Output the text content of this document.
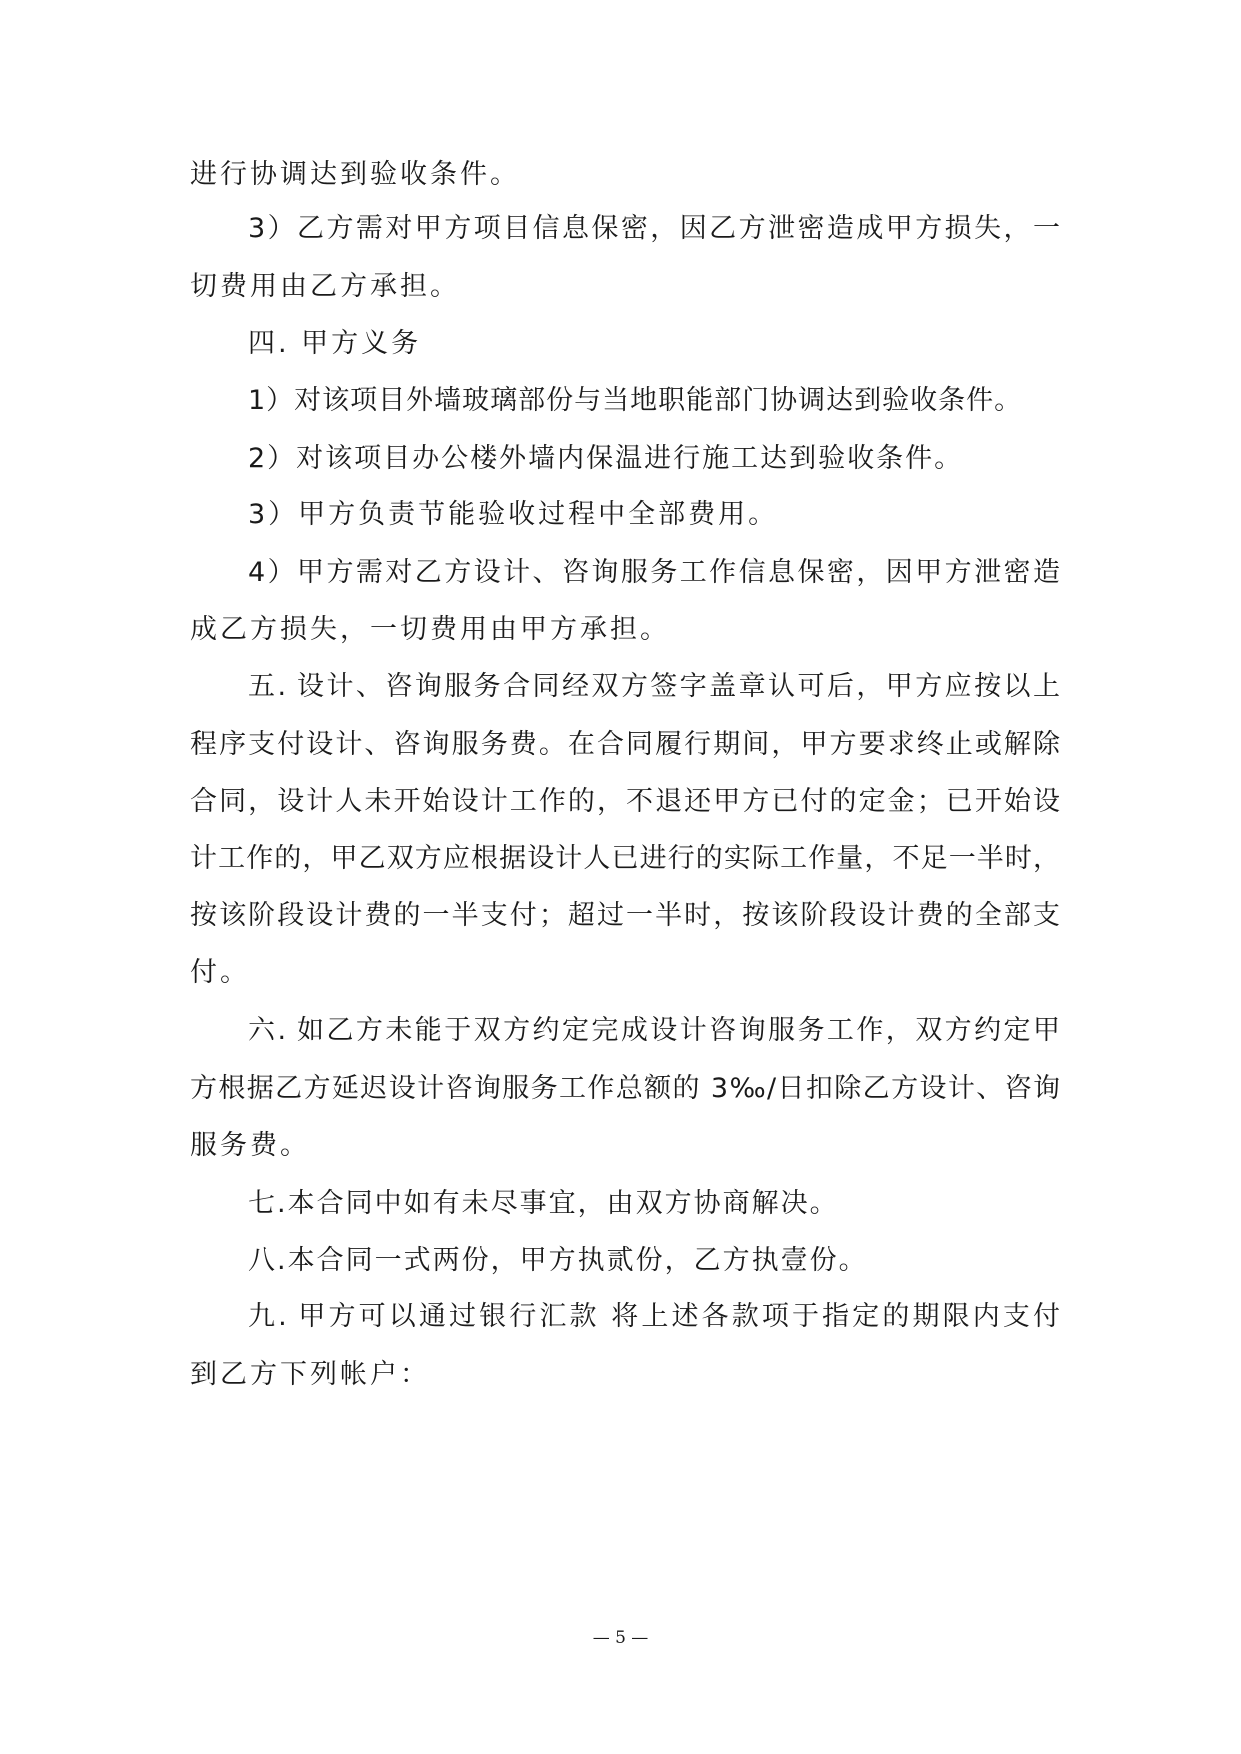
进行协调达到验收条件。
3）乙方需对甲方项目信息保密，因乙方泄密造成甲方损失，一
切费用由乙方承担。
四. 甲方义务
1）对该项目外墙玻璃部份与当地职能部门协调达到验收条件。
2）对该项目办公楼外墙内保温进行施工达到验收条件。
3）甲方负责节能验收过程中全部费用。
4）甲方需对乙方设计、咨询服务工作信息保密，因甲方泄密造
成乙方损失，一切费用由甲方承担。
五. 设计、咨询服务合同经双方签字盖章认可后，甲方应按以上
程序支付设计、咨询服务费。在合同履行期间，甲方要求终止或解除
合同，设计人未开始设计工作的，不退还甲方已付的定金；已开始设
计工作的，甲乙双方应根据设计人已进行的实际工作量，不足一半时，
按该阶段设计费的一半支付；超过一半时，按该阶段设计费的全部支
付。
六. 如乙方未能于双方约定完成设计咨询服务工作，双方约定甲
方根据乙方延迟设计咨询服务工作总额的 3‰/日扣除乙方设计、咨询
服务费。
七.本合同中如有未尽事宜，由双方协商解决。
八.本合同一式两份，甲方执贰份，乙方执壹份。
九. 甲方可以通过银行汇款 将上述各款项于指定的期限内支付
到乙方下列帐户：
— 5 —
